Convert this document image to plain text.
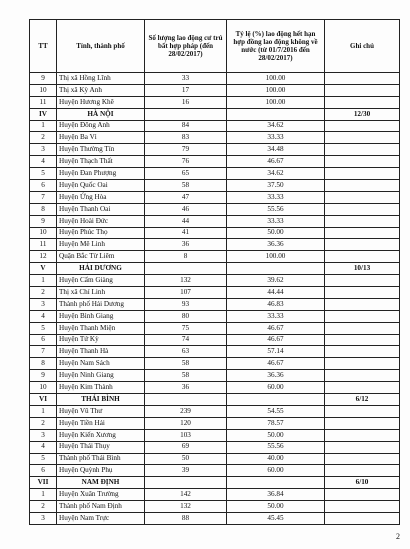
TT	Tỉnh, thành phố	Số lượng lao động cư trú bất hợp pháp (đến 28/02/2017)	Tỷ lệ (%) lao động hết hạn hợp đồng lao động không về nước (từ 01/7/2016 đến 28/02/2017)	Ghi chú
9	Thị xã Hồng Lĩnh	33	100.00	
10	Thị xã Kỳ Anh	17	100.00	
11	Huyện Hương Khê	16	100.00	
IV	HÀ NỘI			12/30
1	Huyện Đông Anh	84	34.62	
2	Huyện Ba Vì	83	33.33	
3	Huyện Thường Tín	79	34.48	
4	Huyện Thạch Thất	76	46.67	
5	Huyện Đan Phượng	65	34.62	
6	Huyện Quốc Oai	58	37.50	
7	Huyện Ứng Hòa	47	33.33	
8	Huyện Thanh Oai	46	55.56	
9	Huyện Hoài Đức	44	33.33	
10	Huyện Phúc Thọ	41	50.00	
11	Huyện Mê Linh	36	36.36	
12	Quận Bắc Từ Liêm	8	100.00	
V	HẢI DƯƠNG			10/13
1	Huyện Cẩm Giàng	132	39.62	
2	Thị xã Chí Linh	107	44.44	
3	Thành phố Hải Dương	93	46.83	
4	Huyện Bình Giang	80	33.33	
5	Huyện Thanh Miện	75	46.67	
6	Huyện Tứ Kỳ	74	46.67	
7	Huyện Thanh Hà	63	57.14	
8	Huyện Nam Sách	58	46.67	
9	Huyện Ninh Giang	58	36.36	
10	Huyện Kim Thành	36	60.00	
VI	THÁI BÌNH			6/12
1	Huyện Vũ Thư	239	54.55	
2	Huyện Tiền Hải	120	78.57	
3	Huyện Kiến Xương	103	50.00	
4	Huyện Thái Thụy	69	55.56	
5	Thành phố Thái Bình	50	40.00	
6	Huyện Quỳnh Phụ	39	60.00	
VII	NAM ĐỊNH			6/10
1	Huyện Xuân Trường	142	36.84	
2	Thành phố Nam Định	132	50.00	
3	Huyện Nam Trực	88	45.45	
2
